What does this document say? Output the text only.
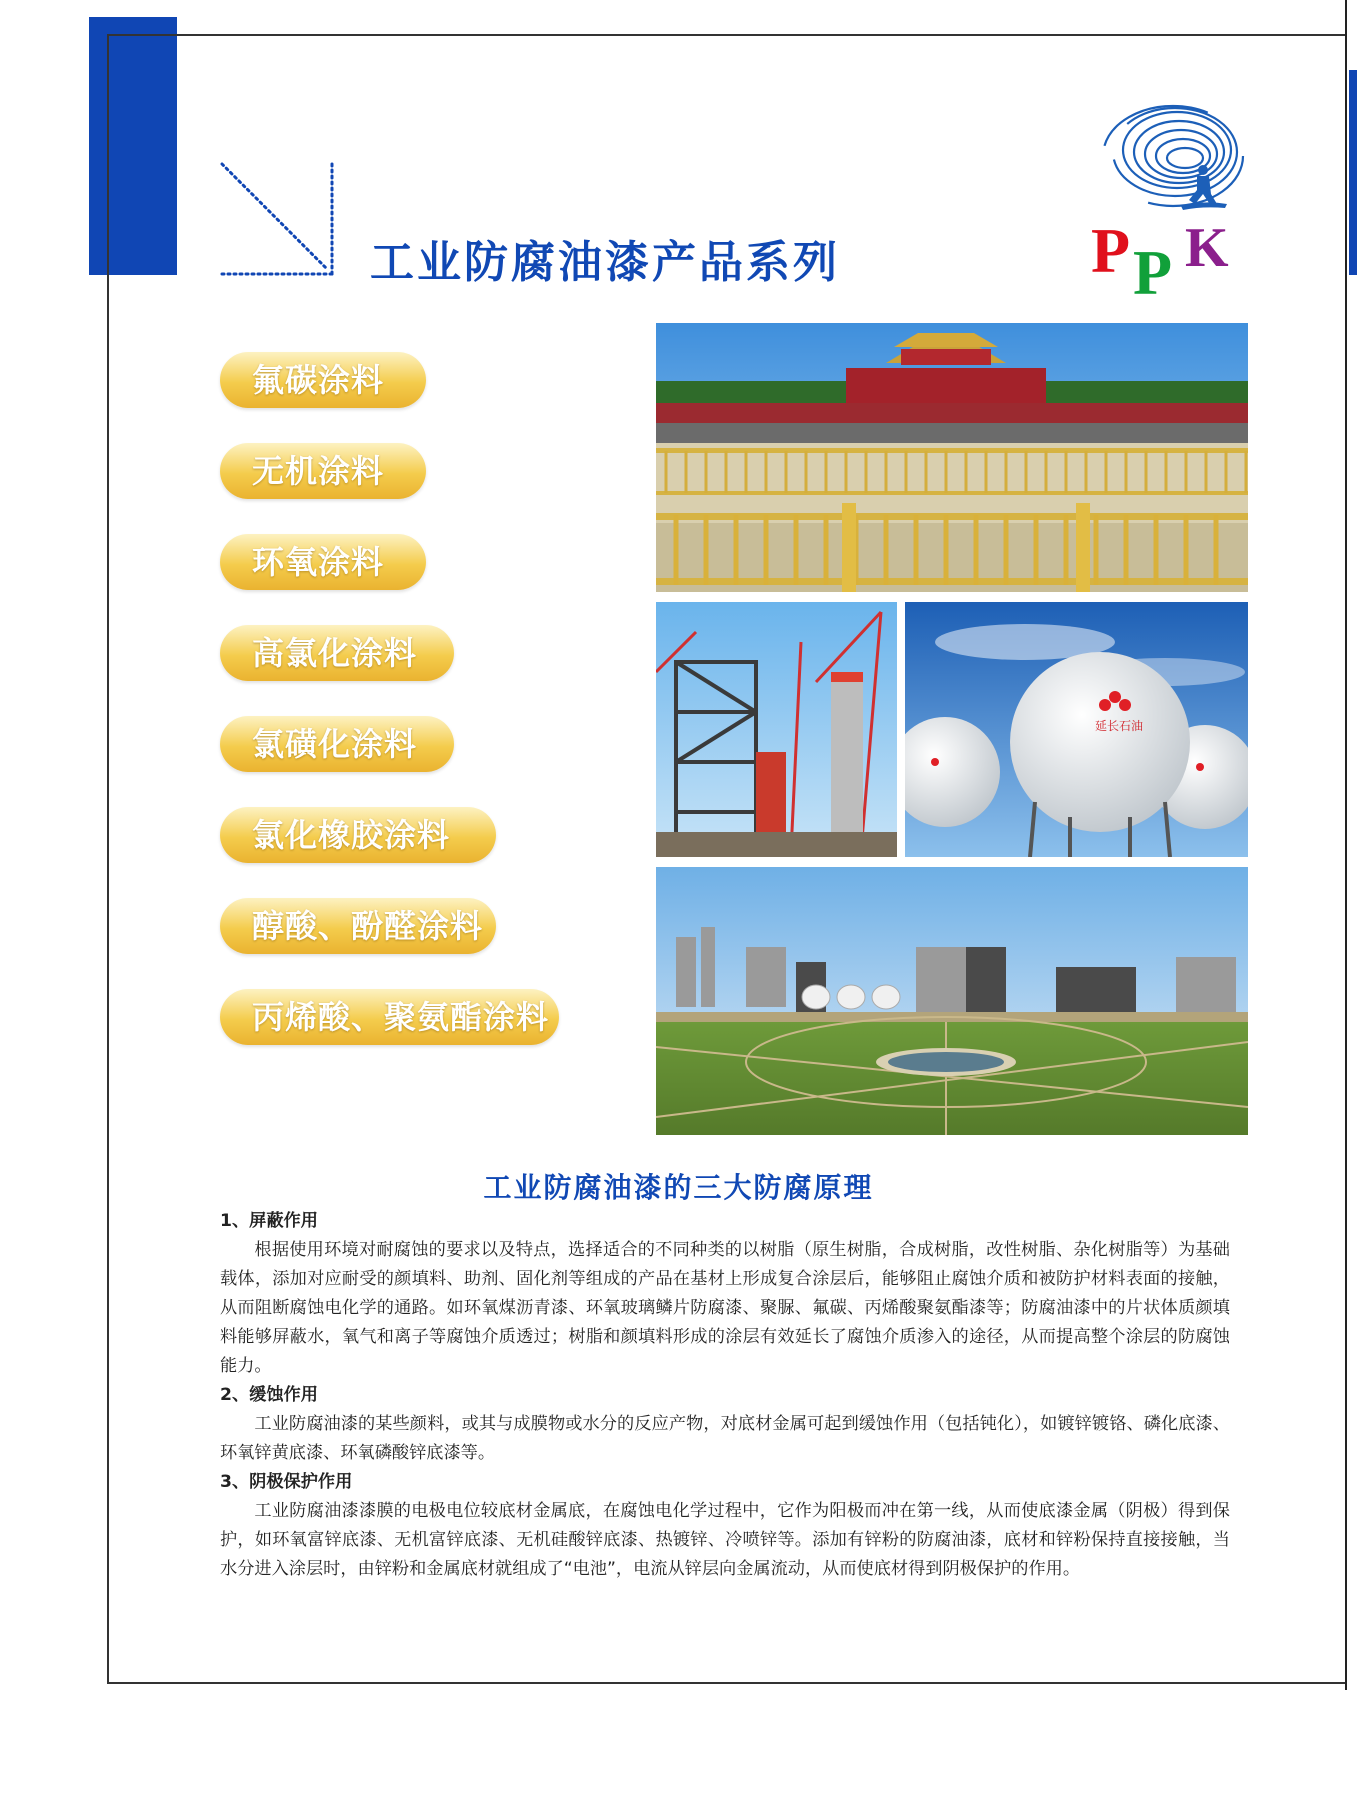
工业防腐油漆产品系列	P P K
氟碳涂料
无机涂料
环氧涂料
高氯化涂料
氯磺化涂料
氯化橡胶涂料
醇酸、酚醛涂料
丙烯酸、聚氨酯涂料
延长石油
工业防腐油漆的三大防腐原理
1、屏蔽作用

根据使用环境对耐腐蚀的要求以及特点，选择适合的不同种类的以树脂（原生树脂，合成树脂，改性树脂、杂化树脂等）为基础载体，添加对应耐受的颜填料、助剂、固化剂等组成的产品在基材上形成复合涂层后，能够阻止腐蚀介质和被防护材料表面的接触，从而阻断腐蚀电化学的通路。如环氧煤沥青漆、环氧玻璃鳞片防腐漆、聚脲、氟碳、丙烯酸聚氨酯漆等；防腐油漆中的片状体质颜填料能够屏蔽水，氧气和离子等腐蚀介质透过；树脂和颜填料形成的涂层有效延长了腐蚀介质渗入的途径，从而提高整个涂层的防腐蚀能力。

2、缓蚀作用

工业防腐油漆的某些颜料，或其与成膜物或水分的反应产物，对底材金属可起到缓蚀作用（包括钝化），如镀锌镀铬、磷化底漆、环氧锌黄底漆、环氧磷酸锌底漆等。

3、阴极保护作用

工业防腐油漆漆膜的电极电位较底材金属底，在腐蚀电化学过程中，它作为阳极而冲在第一线，从而使底漆金属（阴极）得到保护，如环氧富锌底漆、无机富锌底漆、无机硅酸锌底漆、热镀锌、冷喷锌等。添加有锌粉的防腐油漆，底材和锌粉保持直接接触，当水分进入涂层时，由锌粉和金属底材就组成了“电池”，电流从锌层向金属流动，从而使底材得到阴极保护的作用。
